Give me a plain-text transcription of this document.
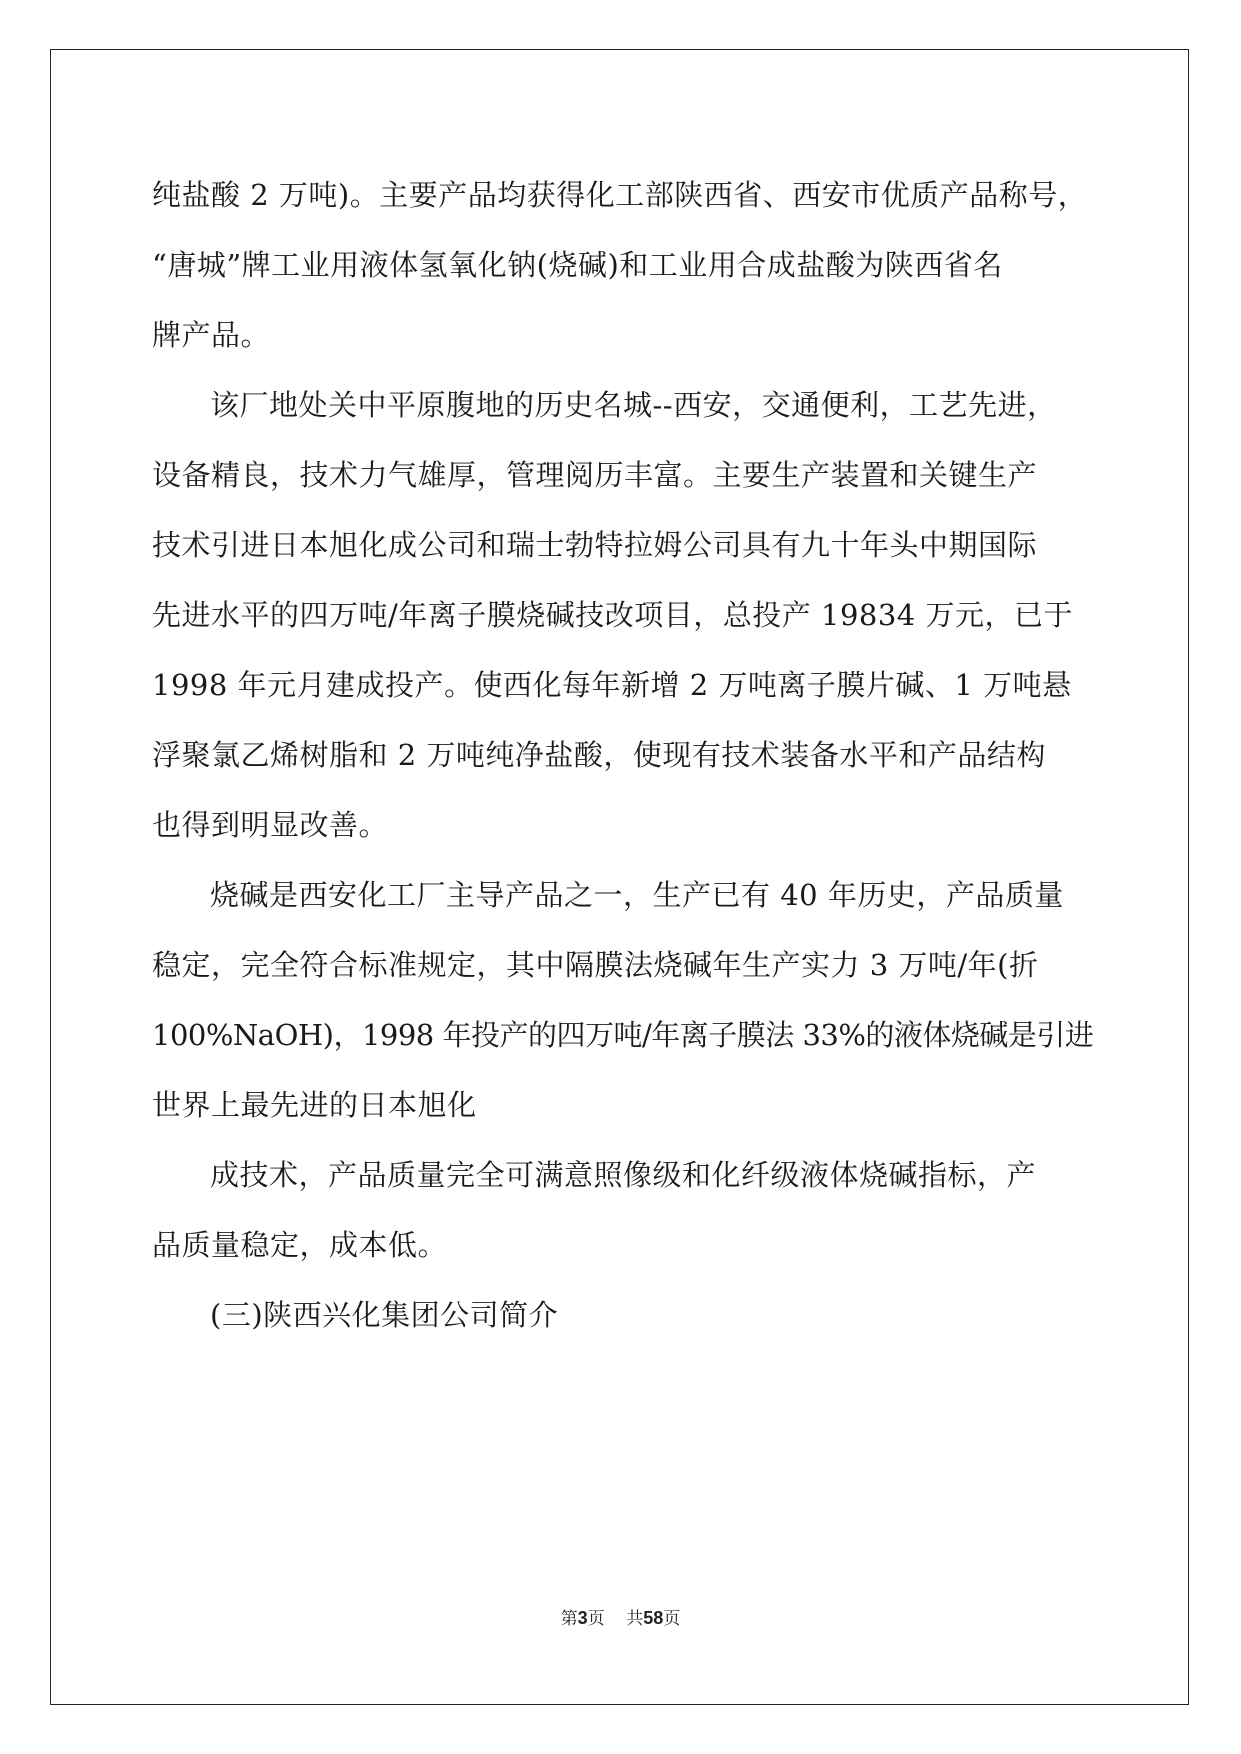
纯盐酸 2 万吨)。主要产品均获得化工部陕西省、西安市优质产品称号，
“唐城”牌工业用液体氢氧化钠(烧碱)和工业用合成盐酸为陕西省名
牌产品。
该厂地处关中平原腹地的历史名城--西安，交通便利，工艺先进，
设备精良，技术力气雄厚，管理阅历丰富。主要生产装置和关键生产
技术引进日本旭化成公司和瑞士勃特拉姆公司具有九十年头中期国际
先进水平的四万吨/年离子膜烧碱技改项目，总投产 19834 万元，已于
1998 年元月建成投产。使西化每年新增 2 万吨离子膜片碱、1 万吨悬
浮聚氯乙烯树脂和 2 万吨纯净盐酸，使现有技术装备水平和产品结构
也得到明显改善。
烧碱是西安化工厂主导产品之一，生产已有 40 年历史，产品质量
稳定，完全符合标准规定，其中隔膜法烧碱年生产实力 3 万吨/年(折
100%NaOH)，1998 年投产的四万吨/年离子膜法 33%的液体烧碱是引进
世界上最先进的日本旭化
成技术，产品质量完全可满意照像级和化纤级液体烧碱指标，产
品质量稳定，成本低。
(三)陕西兴化集团公司简介
第3页 共58页
